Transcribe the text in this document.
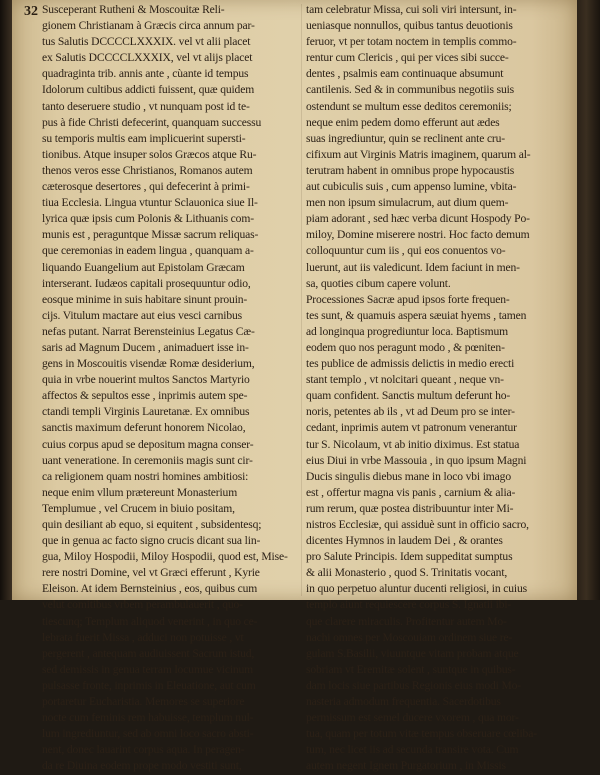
32 Susceperant Rutheni & Moscouitæ Reli-
gionem Christianam à Græcis circa annum par-
tus Salutis DCCCCLXXXIX. vel vt alii placet
ex Salutis DCCCCLXXXIX, vel vt alijs placet
quadraginta trib. annis ante , cùante id tempus
Idolorum cultibus addicti fuissent, quæ quidem
tanto deseruere studio , vt nunquam post id te-
pus à fide Christi defecerint, quanquam successu
su temporis multis eam implicuerint supersti-
tionibus. Atque insuper solos Græcos atque Ru-
thenos veros esse Christianos, Romanos autem
cæterosque desertores , qui defecerint à primi-
tiua Ecclesia. Lingua vtuntur Sclauonica siue Il-
lyrica quæ ipsis cum Polonis & Lithuanis com-
munis est , peraguntque Missæ sacrum reliquas-
que ceremonias in eadem lingua , quanquam a-
liquando Euangelium aut Epistolam Græcam
interserant. Iudæos capitali prosequuntur odio,
eosque minime in suis habitare sinunt prouin-
cijs. Vitulum mactare aut eius vesci carnibus
nefas putant. Narrat Berensteinius Legatus Cæ-
saris ad Magnum Ducem , animaduert isse in-
gens in Moscouitis visendæ Romæ desiderium,
quia in vrbe nouerint multos Sanctos Martyrio
affectos & sepultos esse , inprimis autem spe-
ctandi templi Virginis Lauretanæ. Ex omnibus
sanctis maximum deferunt honorem Nicolao,
cuius corpus apud se depositum magna conser-
uant veneratione. In ceremoniis magis sunt cir-
ca religionem quam nostri homines ambitiosi:
neque enim vllum prætereunt Monasterium
Templumue , vel Crucem in biuio positam,
quin desiliant ab equo, si equitent , subsidentesq;
que in genua ac facto signo crucis dicant sua lin-
gua, Miloy Hospodii, Miloy Hospodii, quod est, Mise-
rere nostri Domine, vel vt Græci efferunt , Kyrie
Eleison. At idem Bernsteinius , eos, quibus cum
velut comitibus vrbem perambulauerit , quo-
tiescunq; Templum aliquod venerint , in quo ce-
lebrata fuerit Missa , adduci non potuisse , vt
pergerent , antequam audiuissent Sacrum istud,
sed demissis in genua terram locumue vicinum
pulsasse fronte, inprimis in Eleuatione, aut cum
portaretur Eucharistia. Memores se superiore
nocte cum feminis rem habuisse, templum nul-
lum ingrediuntur, sed ab omni loco sacro absti-
nent, donec lauarint corpus aqua. In peragen-
da re Diuina eodem prope modo vestiti sunt,
tam celebratur Missa, cui soli viri intersunt, in-
ueniasque nonnullos, quibus tantus deuotionis
feruor, vt per totam noctem in templis commo-
rentur cum Clericis , qui per vices sibi succe-
dentes , psalmis eam continuaque absumunt
cantilenis. Sed & in communibus negotiis suis
ostendunt se multum esse deditos ceremoniis;
neque enim pedem domo efferunt aut ædes
suas ingrediuntur, quin se reclinent ante cru-
cifixum aut Virginis Matris imaginem, quarum al-
terutram habent in omnibus prope hypocaustis
aut cubiculis suis , cum appenso lumine, vbita-
men non ipsum simulacrum, aut dium quem-
piam adorant , sed hæc verba dicunt Hospody Po-
miloy, Domine miserere nostri. Hoc facto demum
colloquuntur cum iis , qui eos conuentos vo-
luerunt, aut iis valedicunt. Idem faciunt in men-
sa, quoties cibum capere volunt.
Processiones Sacræ apud ipsos forte frequen-
tes sunt, & quamuis aspera sæuiat hyems , tamen
ad longinqua progrediuntur loca. Baptismum
eodem quo nos peragunt modo , & pœniten-
tes publice de admissis delictis in medio erecti
stant templo , vt nolcitari queant , neque vn-
quam confident. Sanctis multum deferunt ho-
noris, petentes ab ils , vt ad Deum pro se inter-
cedant, inprimis autem vt patronum venerantur
tur S. Nicolaum, vt ab initio diximus. Est statua
eius Diui in vrbe Massouia , in quo ipsum Magni
Ducis singulis diebus mane in loco vbi imago
est , offertur magna vis panis , carnium & alia-
rum rerum, quæ postea distribuuntur inter Mi-
nistros Ecclesiæ, qui assiduè sunt in officio sacro,
dicentes Hymnos in laudem Dei , & orantes
pro Salute Principis. Idem suppeditat sumptus
& alii Monasterio , quod S. Trinitatis vocant,
in quo perpetuo aluntur ducenti religiosi, in cuius
templo aiunt requiescere corpus S. Ignatii ibi-
que clarere miraculis. Profitentur autem Mo-
nachi omnes per Moscouiam ordinem siue re-
gulam S.Basilii, viuuntque vitam probam atque
sobriam vt Eremitæ solent , suntque in quibus-
dam locis siue partibus Regionis eius modi Mo-
nasteria admodum frequentia. Sacerdotibus
permissum est semel ducere vxorem , qua mor-
tua, quam per totum vitæ tempus obseruare cœliba-
tum, nec licet iis ad secunda transire vota. Cum
autem negent Ignem Purgatorium , in Missis
